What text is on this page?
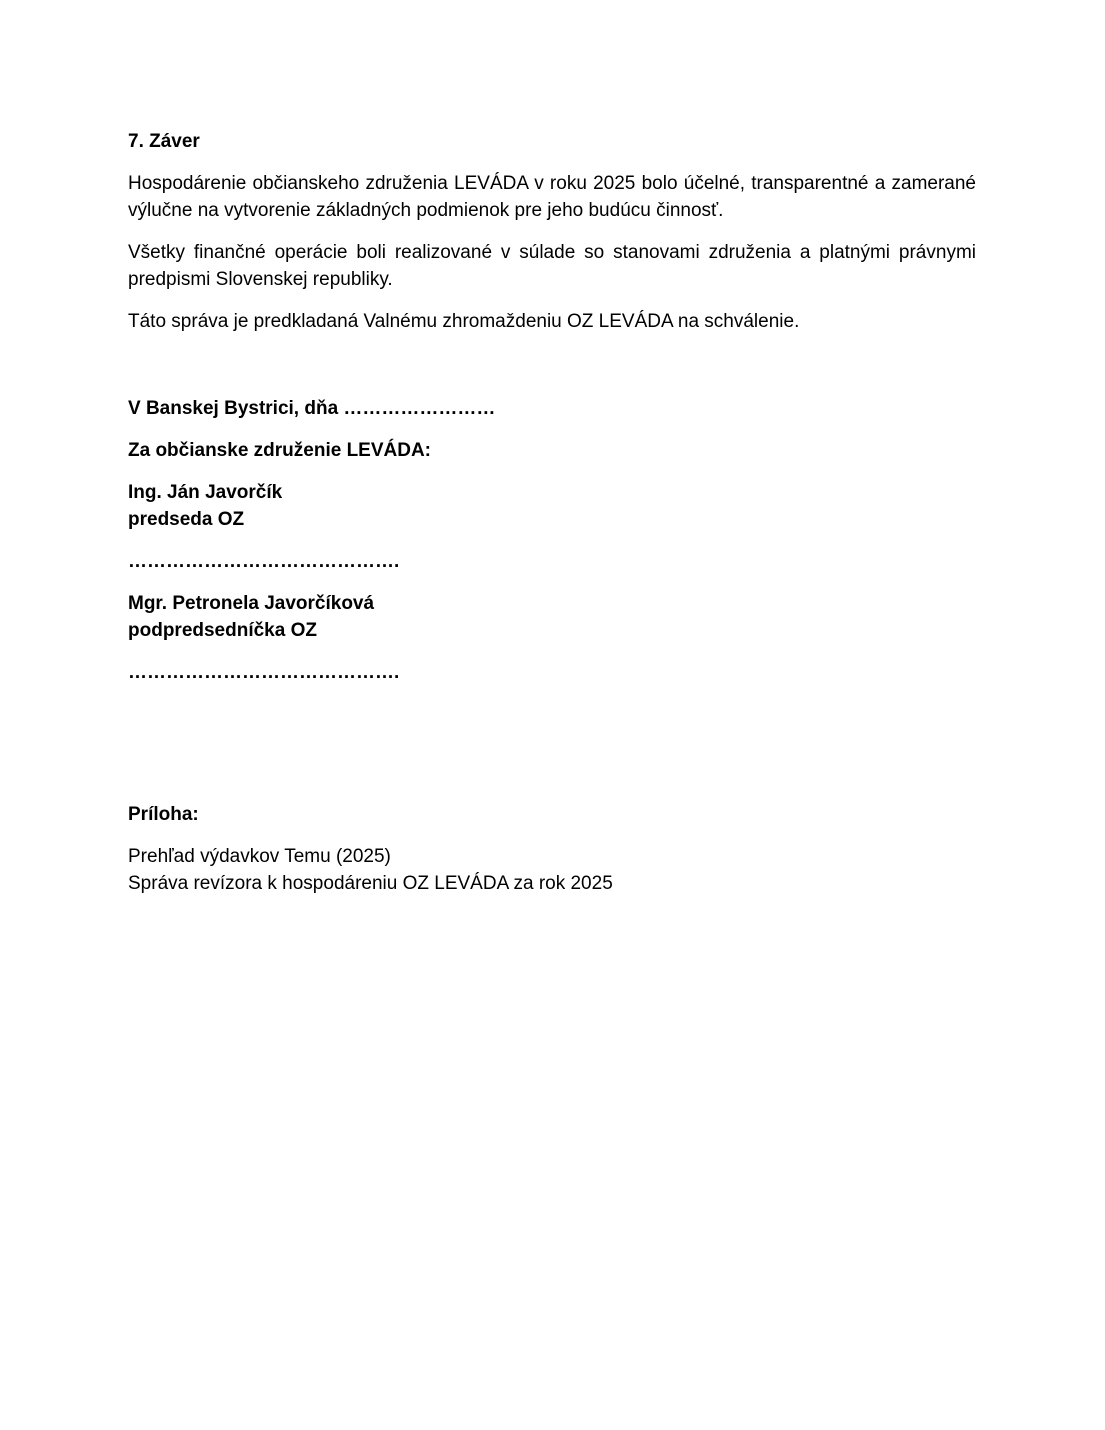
7. Záver

Hospodárenie občianskeho združenia LEVÁDA v roku 2025 bolo účelné, transparentné a zamerané výlučne na vytvorenie základných podmienok pre jeho budúcu činnosť.

Všetky finančné operácie boli realizované v súlade so stanovami združenia a platnými právnymi predpismi Slovenskej republiky.

Táto správa je predkladaná Valnému zhromaždeniu OZ LEVÁDA na schválenie.

V Banskej Bystrici, dňa ……………………

Za občianske združenie LEVÁDA:

Ing. Ján Javorčík
predseda OZ

…………………………………….

Mgr. Petronela Javorčíková
podpredsedníčka OZ

…………………………………….

Príloha:

Prehľad výdavkov Temu (2025)
Správa revízora k hospodáreniu OZ LEVÁDA za rok 2025
